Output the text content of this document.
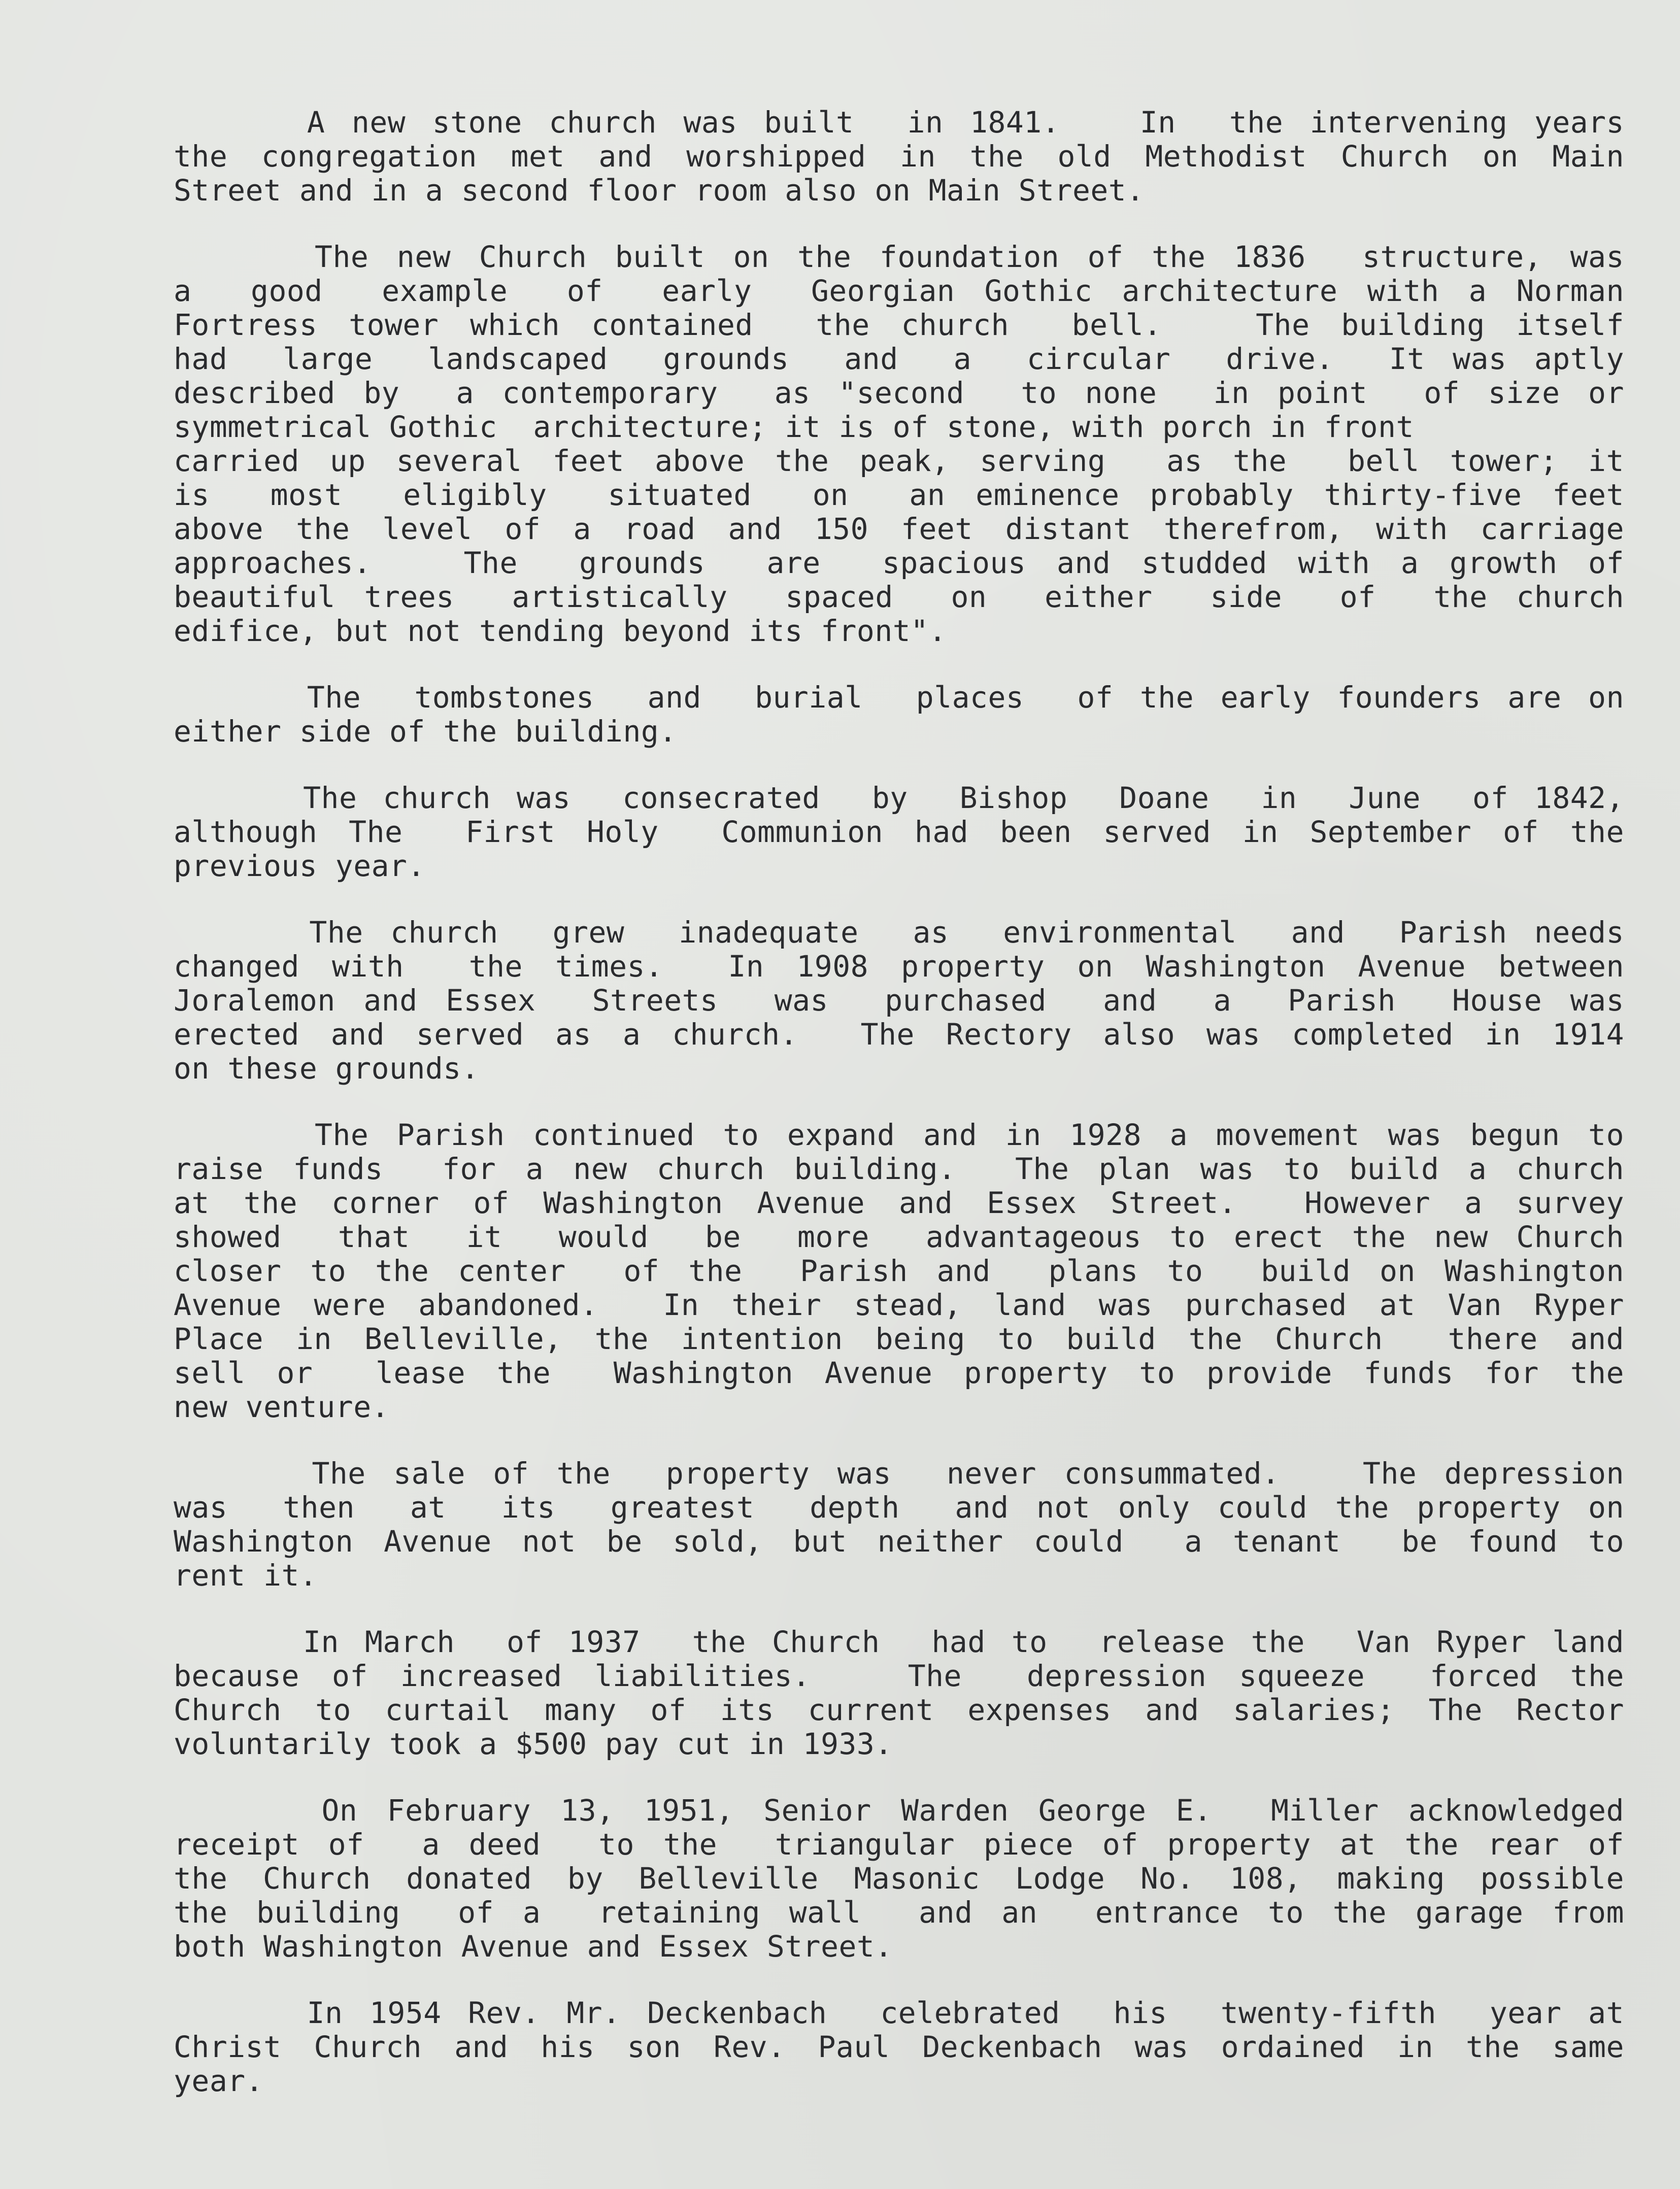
A new stone church was built  in 1841.   In  the intervening years
the congregation met and worshipped in the old Methodist Church on Main
Street and in a second floor room also on Main Street.
The new Church built on the foundation of the 1836  structure, was
a  good  example  of  early  Georgian Gothic architecture with a Norman
Fortress tower which contained  the church  bell.   The building itself
had  large  landscaped  grounds  and  a  circular  drive.  It was aptly
described by  a contemporary  as "second  to none  in point  of size or
symmetrical Gothic  architecture; it is of stone, with porch in front
carried up several feet above the peak, serving  as the  bell tower; it
is  most  eligibly  situated  on  an eminence probably thirty-five feet
above the level of a road and 150 feet distant therefrom, with carriage
approaches.   The  grounds  are  spacious and studded with a growth of
beautiful trees  artistically  spaced  on  either  side  of  the church
edifice, but not tending beyond its front".
The  tombstones  and  burial  places  of the early founders are on
either side of the building.
The church was  consecrated  by  Bishop  Doane  in  June  of 1842,
although The  First Holy  Communion had been served in September of the
previous year.
The church  grew  inadequate  as  environmental  and  Parish needs
changed with  the times.  In 1908 property on Washington Avenue between
Joralemon and Essex  Streets  was  purchased  and  a  Parish  House was
erected and served as a church.  The Rectory also was completed in 1914
on these grounds.
The Parish continued to expand and in 1928 a movement was begun to
raise funds  for a new church building.  The plan was to build a church
at the corner of Washington Avenue and Essex Street.  However a survey
showed  that  it  would  be  more  advantageous to erect the new Church
closer to the center  of the  Parish and  plans to  build on Washington
Avenue were abandoned.  In their stead, land was purchased at Van Ryper
Place in Belleville, the intention being to build the Church  there and
sell or  lease the  Washington Avenue property to provide funds for the
new venture.
The sale of the  property was  never consummated.   The depression
was  then  at  its  greatest  depth  and not only could the property on
Washington Avenue not be sold, but neither could  a tenant  be found to
rent it.
In March  of 1937  the Church  had to  release the  Van Ryper land
because of increased liabilities.   The  depression squeeze  forced the
Church to curtail many of its current expenses and salaries; The Rector
voluntarily took a $500 pay cut in 1933.
On February 13, 1951, Senior Warden George E.  Miller acknowledged
receipt of  a deed  to the  triangular piece of property at the rear of
the Church donated by Belleville Masonic Lodge No. 108, making possible
the building  of a  retaining wall  and an  entrance to the garage from
both Washington Avenue and Essex Street.
In 1954 Rev. Mr. Deckenbach  celebrated  his  twenty-fifth  year at
Christ Church and his son Rev. Paul Deckenbach was ordained in the same
year.
